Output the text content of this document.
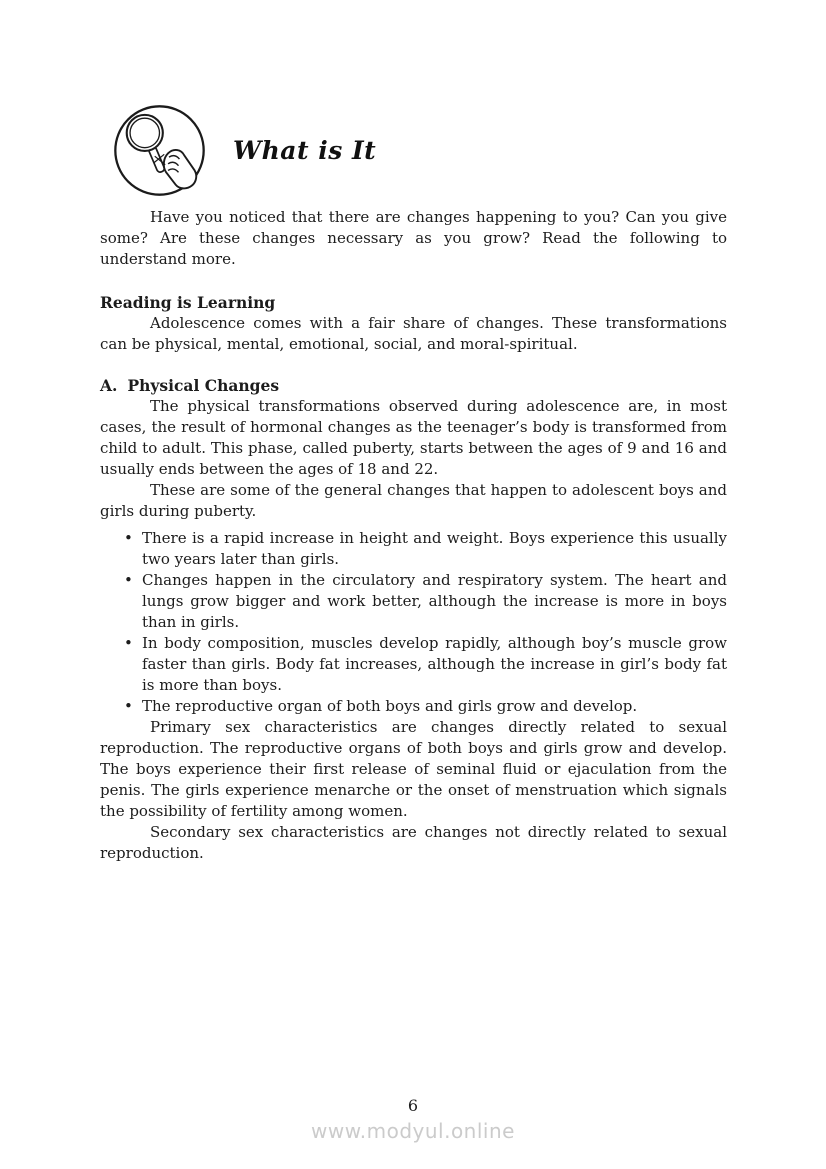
What is It

Have you noticed that there are changes happening to you? Can you give some? Are these changes necessary as you grow? Read the following to understand more.

Reading is Learning

Adolescence comes with a fair share of changes. These transformations can be physical, mental, emotional, social, and moral-spiritual.

A. Physical Changes

The physical transformations observed during adolescence are, in most cases, the result of hormonal changes as the teenager’s body is transformed from child to adult. This phase, called puberty, starts between the ages of 9 and 16 and usually ends between the ages of 18 and 22.

These are some of the general changes that happen to adolescent boys and girls during puberty.

• There is a rapid increase in height and weight. Boys experience this usually two years later than girls.
• Changes happen in the circulatory and respiratory system. The heart and lungs grow bigger and work better, although the increase is more in boys than in girls.
• In body composition, muscles develop rapidly, although boy’s muscle grow faster than girls. Body fat increases, although the increase in girl’s body fat is more than boys.
• The reproductive organ of both boys and girls grow and develop.

Primary sex characteristics are changes directly related to sexual reproduction. The reproductive organs of both boys and girls grow and develop. The boys experience their first release of seminal fluid or ejaculation from the penis. The girls experience menarche or the onset of menstruation which signals the possibility of fertility among women.

Secondary sex characteristics are changes not directly related to sexual reproduction.

6
www.modyul.online
